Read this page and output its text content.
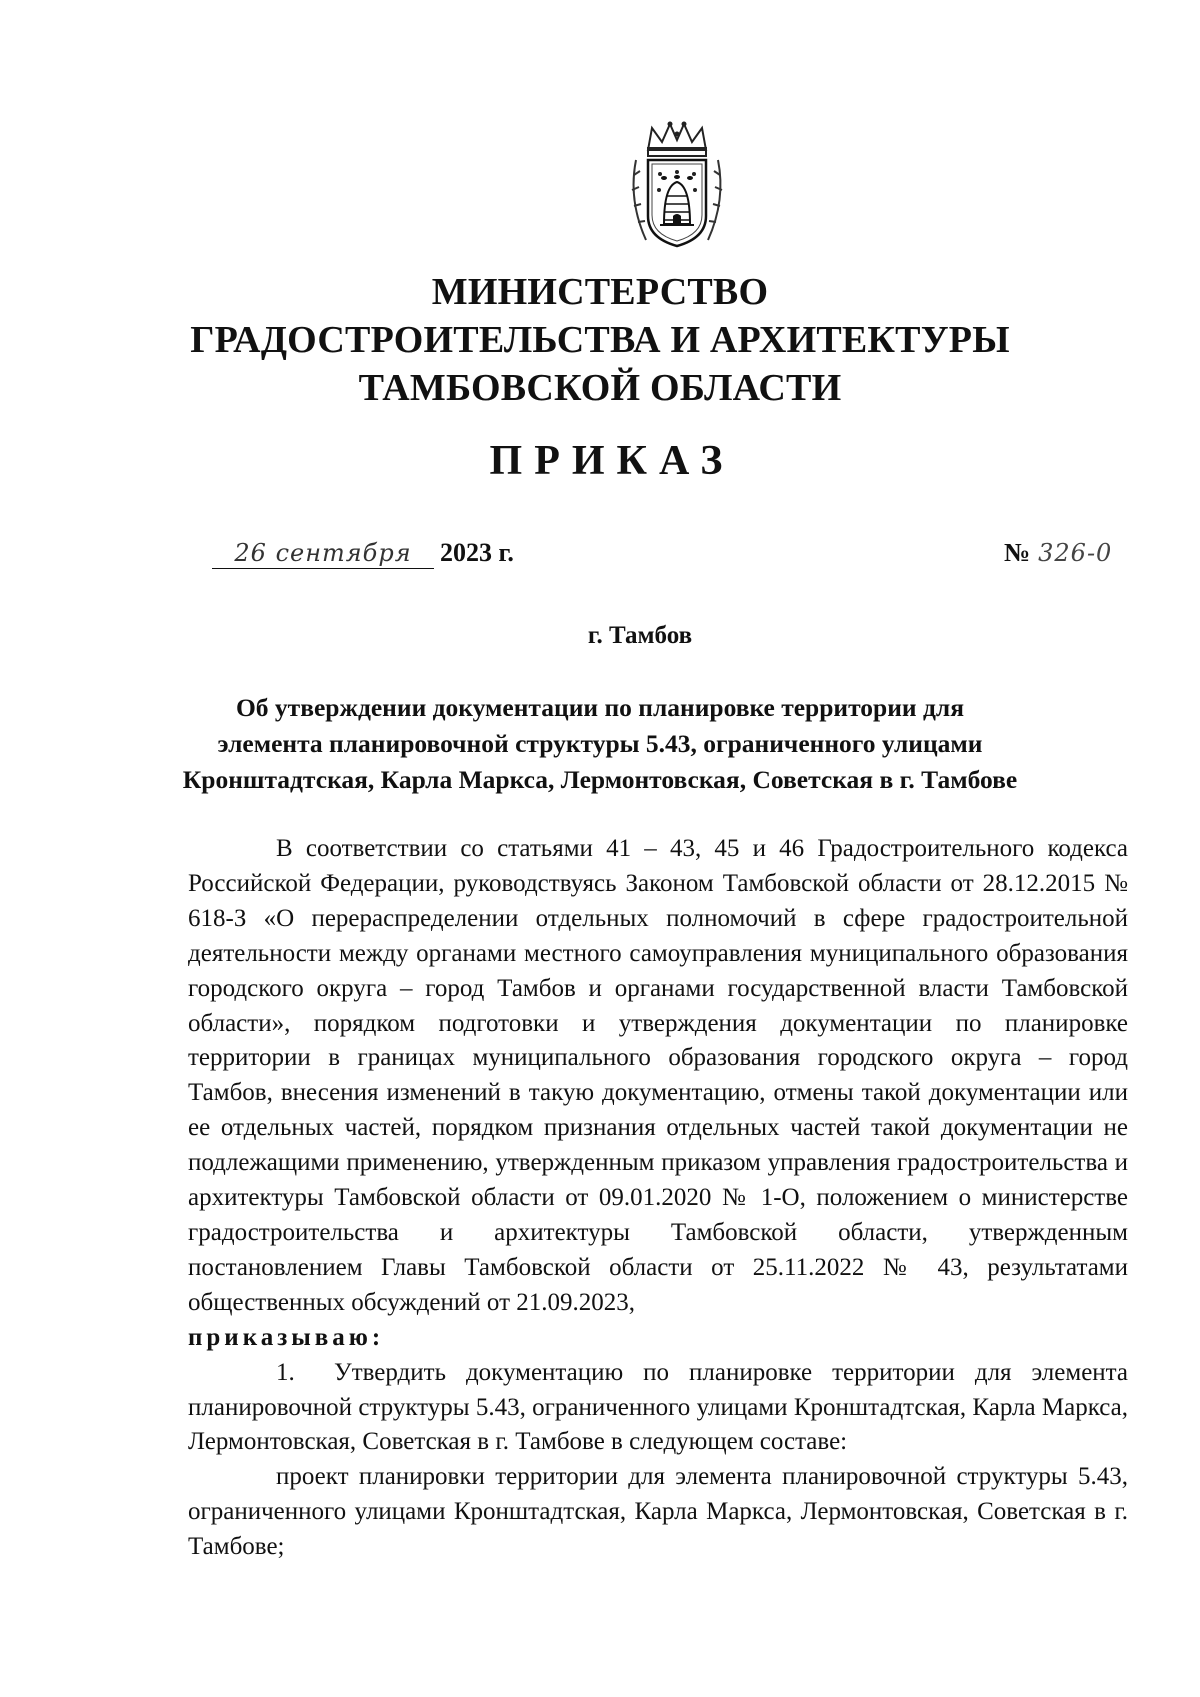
МИНИСТЕРСТВО
ГРАДОСТРОИТЕЛЬСТВА И АРХИТЕКТУРЫ
ТАМБОВСКОЙ ОБЛАСТИ
ПРИКАЗ
26 сентября 2023 г.	№ 326-0
г. Тамбов
Об утверждении документации по планировке территории для
элемента планировочной структуры 5.43, ограниченного улицами
Кронштадтская, Карла Маркса, Лермонтовская, Советская в г. Тамбове

В соответствии со статьями 41 – 43, 45 и 46 Градостроительного кодекса Российской Федерации, руководствуясь Законом Тамбовской области от 28.12.2015 № 618-З «О перераспределении отдельных полномочий в сфере градостроительной деятельности между органами местного самоуправления муниципального образования городского округа – город Тамбов и органами государственной власти Тамбовской области», порядком подготовки и утверждения документации по планировке территории в границах муниципального образования городского округа – город Тамбов, внесения изменений в такую документацию, отмены такой документации или ее отдельных частей, порядком признания отдельных частей такой документации не подлежащими применению, утвержденным приказом управления градостроительства и архитектуры Тамбовской области от 09.01.2020 № 1-О, положением о министерстве градостроительства и архитектуры Тамбовской области, утвержденным постановлением Главы Тамбовской области от 25.11.2022 № 43, результатами общественных обсуждений от 21.09.2023,

приказываю:

1. Утвердить документацию по планировке территории для элемента планировочной структуры 5.43, ограниченного улицами Кронштадтская, Карла Маркса, Лермонтовская, Советская в г. Тамбове в следующем составе:

проект планировки территории для элемента планировочной структуры 5.43, ограниченного улицами Кронштадтская, Карла Маркса, Лермонтовская, Советская в г. Тамбове;
